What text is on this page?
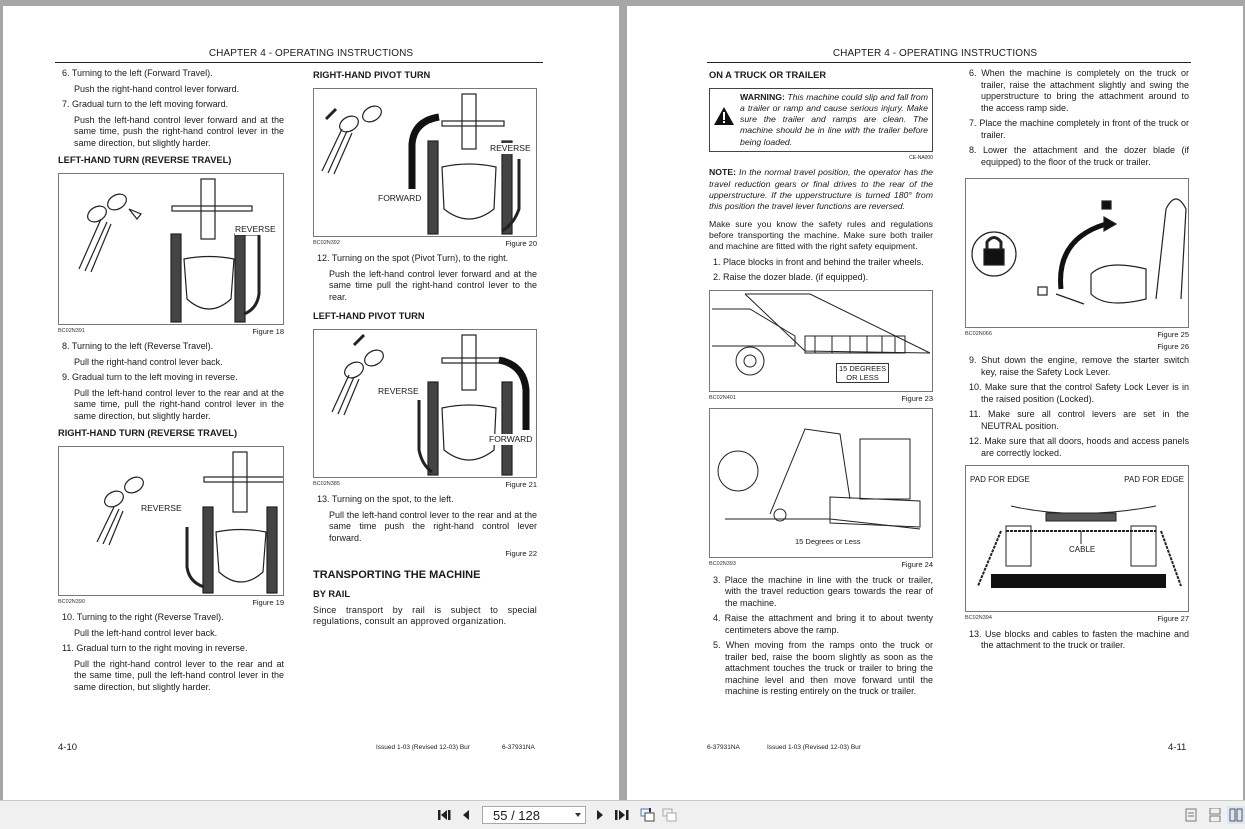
CHAPTER 4 - OPERATING INSTRUCTIONS
6. Turning to the left (Forward Travel).
Push the right-hand control lever forward.
7. Gradual turn to the left moving forward.
Push the left-hand control lever forward and at the same time, push the right-hand control lever in the same direction, but slightly harder.
LEFT-HAND TURN (REVERSE TRAVEL)
REVERSE
BC02N391	Figure 18
8. Turning to the left (Reverse Travel).
Pull the right-hand control lever back.
9. Gradual turn to the left moving in reverse.
Pull the left-hand control lever to the rear and at the same time, pull the right-hand control lever in the same direction, but slightly harder.
RIGHT-HAND TURN (REVERSE TRAVEL)
REVERSE
BC02N390	Figure 19
10. Turning to the right (Reverse Travel).
Pull the left-hand control lever back.
11. Gradual turn to the right moving in reverse.
Pull the right-hand control lever to the rear and at the same time, pull the left-hand control lever in the same direction, but slightly harder.
RIGHT-HAND PIVOT TURN
FORWARD
REVERSE
BC02N392	Figure 20
12. Turning on the spot (Pivot Turn), to the right.
Push the left-hand control lever forward and at the same time pull the right-hand control lever to the rear.
LEFT-HAND PIVOT TURN
REVERSE
FORWARD
BC02N385	Figure 21
13. Turning on the spot, to the left.
Pull the left-hand control lever to the rear and at the same time push the right-hand control lever forward.
Figure 22
TRANSPORTING THE MACHINE
BY RAIL
Since transport by rail is subject to special regulations, consult an approved organization.
4-10	Issued 1-03 (Revised 12-03) Bur	6-37931NA
CHAPTER 4 - OPERATING INSTRUCTIONS
ON A TRUCK OR TRAILER
WARNING: This machine could slip and fall from a trailer or ramp and cause serious injury. Make sure the trailer and ramps are clean. The machine should be in line with the trailer before being loaded.
CE-NA000
NOTE: In the normal travel position, the operator has the travel reduction gears or final drives to the rear of the upperstructure. If the upperstructure is turned 180° from this position the travel lever functions are reversed.
Make sure you know the safety rules and regulations before transporting the machine. Make sure both trailer and machine are fitted with the right safety equipment.
1. Place blocks in front and behind the trailer wheels.
2. Raise the dozer blade. (if equipped).
15 DEGREES
OR LESS
BC02N401	Figure 23
15 Degrees or Less
BC02N393	Figure 24
3. Place the machine in line with the truck or trailer, with the travel reduction gears towards the rear of the machine.
4. Raise the attachment and bring it to about twenty centimeters above the ramp.
5. When moving from the ramps onto the truck or trailer bed, raise the boom slightly as soon as the attachment touches the truck or trailer to bring the machine level and then move forward until the machine is resting entirely on the truck or trailer.
6. When the machine is completely on the truck or trailer, raise the attachment slightly and swing the upperstructure to bring the attachment around to the access ramp side.
7. Place the machine completely in front of the truck or trailer.
8. Lower the attachment and the dozer blade (if equipped) to the floor of the truck or trailer.
BC02N066	Figure 25
Figure 26
9. Shut down the engine, remove the starter switch key, raise the Safety Lock Lever.
10. Make sure that the control Safety Lock Lever is in the raised position (Locked).
11. Make sure all control levers are set in the NEUTRAL position.
12. Make sure that all doors, hoods and access panels are correctly locked.
PAD FOR EDGE	PAD FOR EDGE
CABLE
BC02N394	Figure 27
13. Use blocks and cables to fasten the machine and the attachment to the truck or trailer.
6-37931NA	Issued 1-03 (Revised 12-03) Bur	4-11
55 / 128
